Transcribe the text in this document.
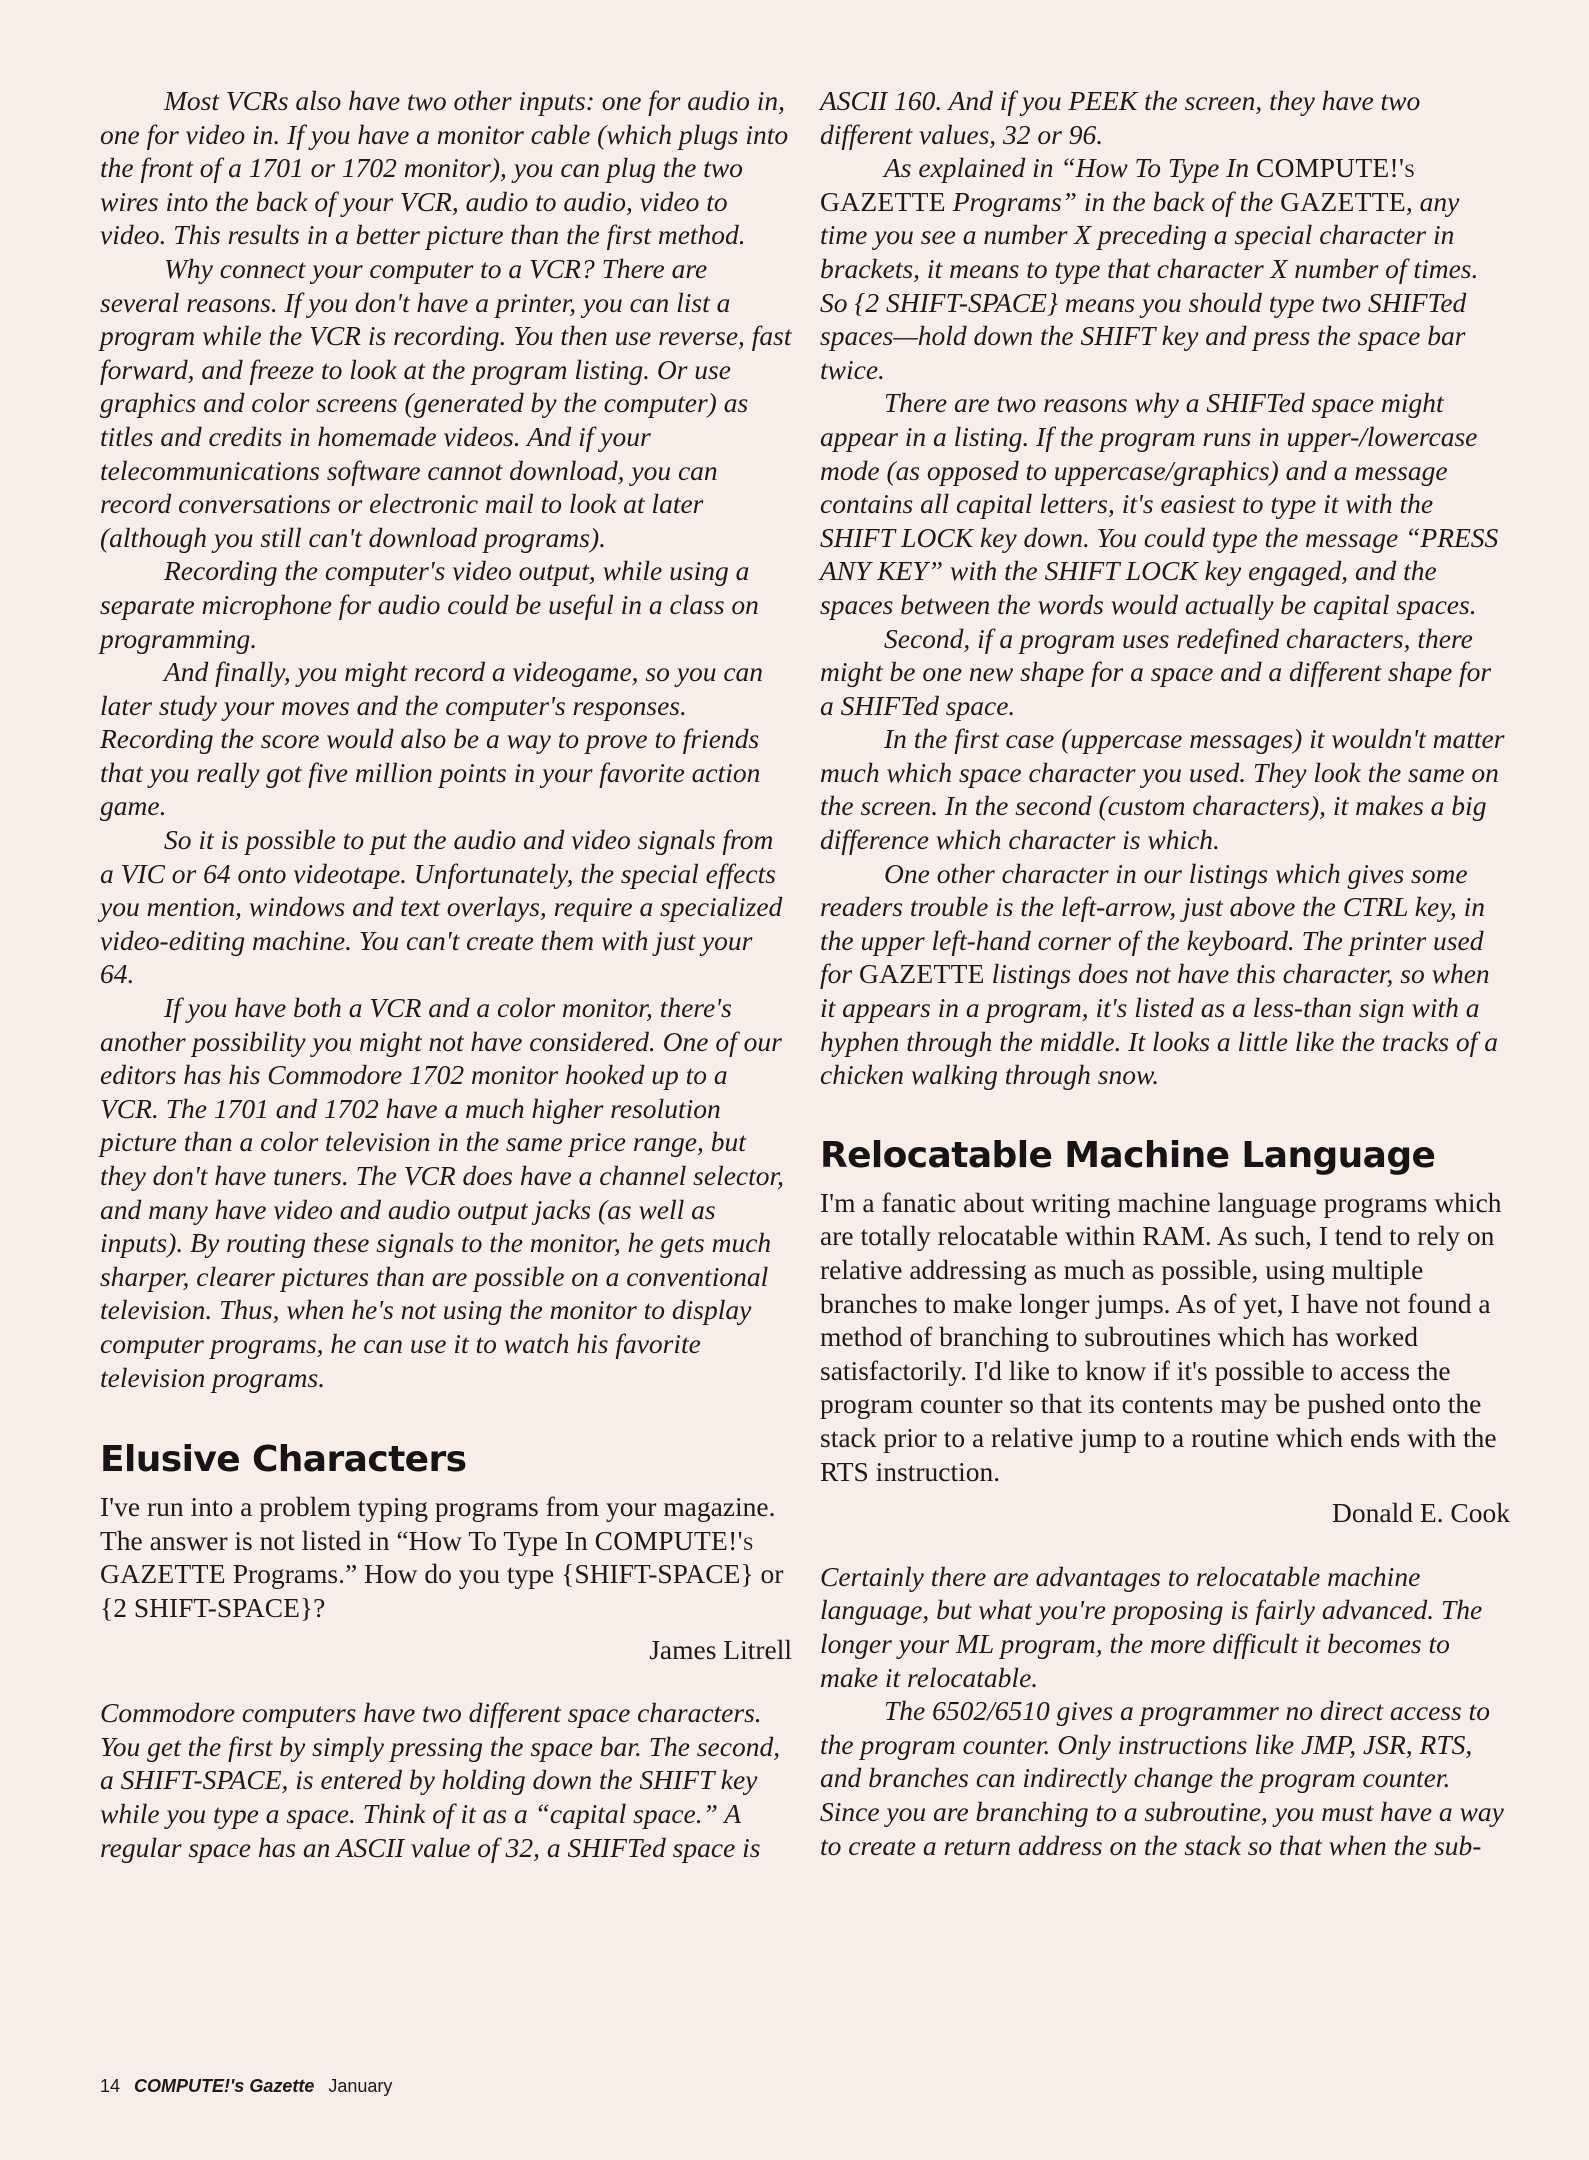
Most VCRs also have two other inputs: one for audio in, one for video in. If you have a monitor cable (which plugs into the front of a 1701 or 1702 monitor), you can plug the two wires into the back of your VCR, audio to audio, video to video. This results in a better picture than the first method.

Why connect your computer to a VCR? There are several reasons. If you don't have a printer, you can list a program while the VCR is recording. You then use reverse, fast forward, and freeze to look at the program listing. Or use graphics and color screens (generated by the computer) as titles and credits in homemade videos. And if your telecommunications software cannot download, you can record conversations or electronic mail to look at later (although you still can't download programs).

Recording the computer's video output, while using a separate microphone for audio could be useful in a class on programming.

And finally, you might record a videogame, so you can later study your moves and the computer's responses. Recording the score would also be a way to prove to friends that you really got five million points in your favorite action game.

So it is possible to put the audio and video signals from a VIC or 64 onto videotape. Unfortunately, the special effects you mention, windows and text overlays, require a specialized video-editing machine. You can't create them with just your 64.

If you have both a VCR and a color monitor, there's another possibility you might not have considered. One of our editors has his Commodore 1702 monitor hooked up to a VCR. The 1701 and 1702 have a much higher resolution picture than a color television in the same price range, but they don't have tuners. The VCR does have a channel selector, and many have video and audio output jacks (as well as inputs). By routing these signals to the monitor, he gets much sharper, clearer pictures than are possible on a conventional television. Thus, when he's not using the monitor to display computer programs, he can use it to watch his favorite television programs.

Elusive Characters

I've run into a problem typing programs from your magazine. The answer is not listed in “How To Type In COMPUTE!'s GAZETTE Programs.” How do you type {SHIFT-SPACE} or {2 SHIFT-SPACE}?

James Litrell

Commodore computers have two different space characters. You get the first by simply pressing the space bar. The second, a SHIFT-SPACE, is entered by holding down the SHIFT key while you type a space. Think of it as a “capital space.” A regular space has an ASCII value of 32, a SHIFTed space is

ASCII 160. And if you PEEK the screen, they have two different values, 32 or 96.

As explained in “How To Type In COMPUTE!'s GAZETTE Programs” in the back of the GAZETTE, any time you see a number X preceding a special character in brackets, it means to type that character X number of times. So {2 SHIFT-SPACE} means you should type two SHIFTed spaces—hold down the SHIFT key and press the space bar twice.

There are two reasons why a SHIFTed space might appear in a listing. If the program runs in upper-/lowercase mode (as opposed to uppercase/graphics) and a message contains all capital letters, it's easiest to type it with the SHIFT LOCK key down. You could type the message “PRESS ANY KEY” with the SHIFT LOCK key engaged, and the spaces between the words would actually be capital spaces.

Second, if a program uses redefined characters, there might be one new shape for a space and a different shape for a SHIFTed space.

In the first case (uppercase messages) it wouldn't matter much which space character you used. They look the same on the screen. In the second (custom characters), it makes a big difference which character is which.

One other character in our listings which gives some readers trouble is the left-arrow, just above the CTRL key, in the upper left-hand corner of the keyboard. The printer used for GAZETTE listings does not have this character, so when it appears in a program, it's listed as a less-than sign with a hyphen through the middle. It looks a little like the tracks of a chicken walking through snow.

Relocatable Machine Language

I'm a fanatic about writing machine language programs which are totally relocatable within RAM. As such, I tend to rely on relative addressing as much as possible, using multiple branches to make longer jumps. As of yet, I have not found a method of branching to subroutines which has worked satisfactorily. I'd like to know if it's possible to access the program counter so that its contents may be pushed onto the stack prior to a relative jump to a routine which ends with the RTS instruction.

Donald E. Cook

Certainly there are advantages to relocatable machine language, but what you're proposing is fairly advanced. The longer your ML program, the more difficult it becomes to make it relocatable.

The 6502/6510 gives a programmer no direct access to the program counter. Only instructions like JMP, JSR, RTS, and branches can indirectly change the program counter. Since you are branching to a subroutine, you must have a way to create a return address on the stack so that when the sub-

14 COMPUTE!'s Gazette January
